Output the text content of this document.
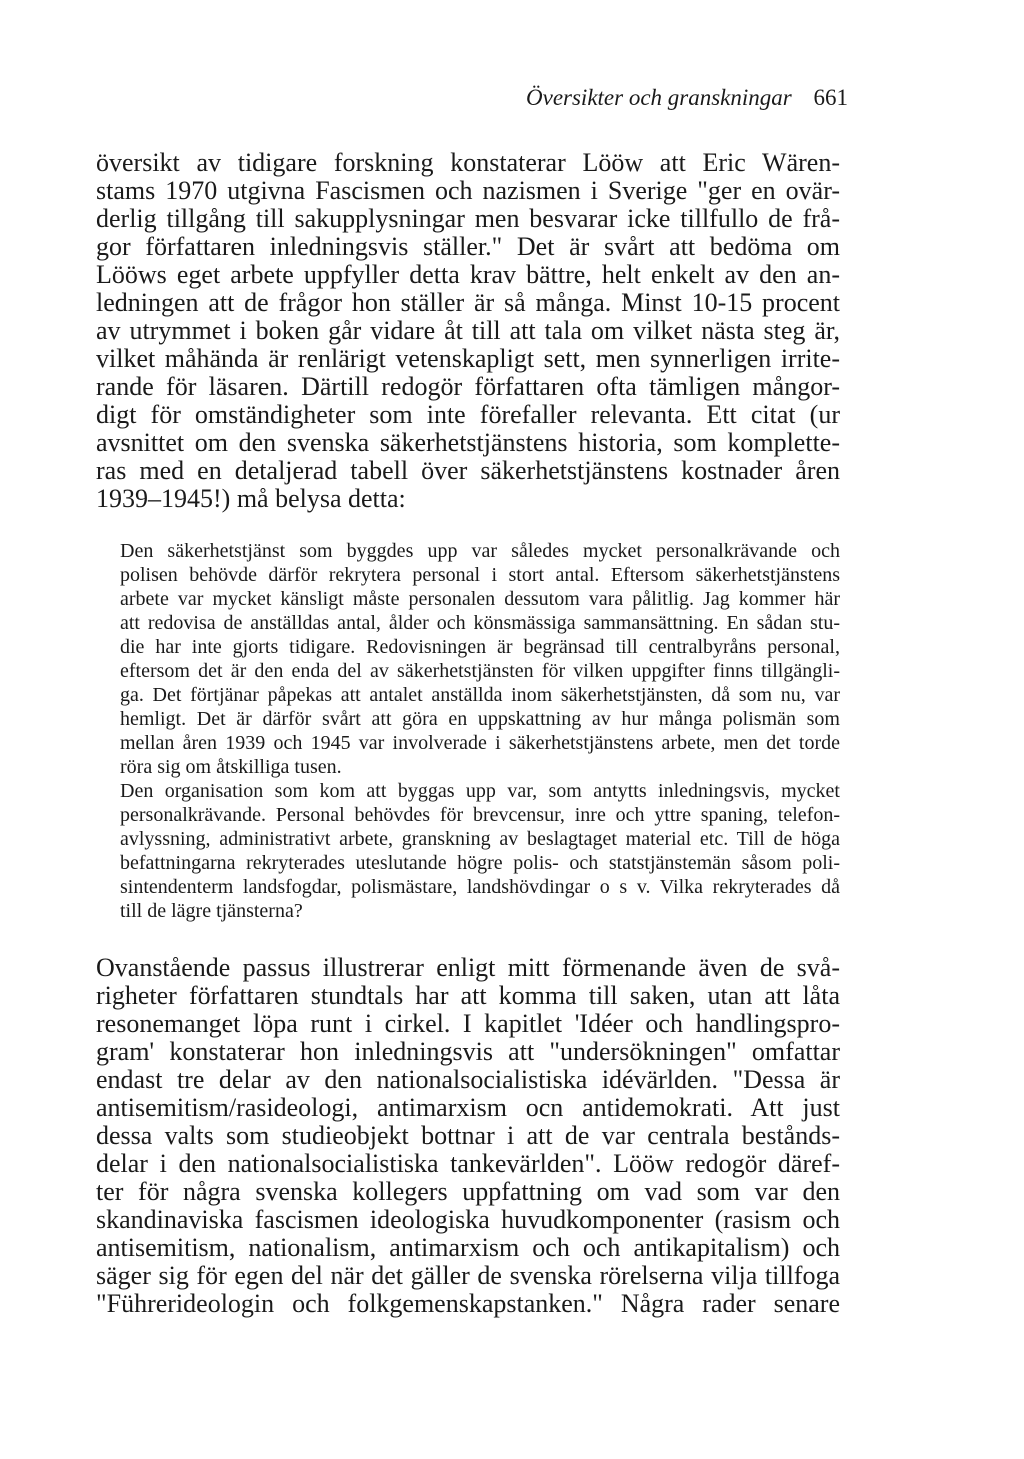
Översikter och granskningar 661
översikt av tidigare forskning konstaterar Lööw att Eric Wären-
stams 1970 utgivna Fascismen och nazismen i Sverige "ger en ovär-
derlig tillgång till sakupplysningar men besvarar icke tillfullo de frå-
gor författaren inledningsvis ställer." Det är svårt att bedöma om
Lööws eget arbete uppfyller detta krav bättre, helt enkelt av den an-
ledningen att de frågor hon ställer är så många. Minst 10-15 procent
av utrymmet i boken går vidare åt till att tala om vilket nästa steg är,
vilket måhända är renlärigt vetenskapligt sett, men synnerligen irrite-
rande för läsaren. Därtill redogör författaren ofta tämligen mångor-
digt för omständigheter som inte förefaller relevanta. Ett citat (ur
avsnittet om den svenska säkerhetstjänstens historia, som komplette-
ras med en detaljerad tabell över säkerhetstjänstens kostnader åren
1939–1945!) må belysa detta:
Den säkerhetstjänst som byggdes upp var således mycket personalkrävande och
polisen behövde därför rekrytera personal i stort antal. Eftersom säkerhetstjänstens
arbete var mycket känsligt måste personalen dessutom vara pålitlig. Jag kommer här
att redovisa de anställdas antal, ålder och könsmässiga sammansättning. En sådan stu-
die har inte gjorts tidigare. Redovisningen är begränsad till centralbyråns personal,
eftersom det är den enda del av säkerhetstjänsten för vilken uppgifter finns tillgängli-
ga. Det förtjänar påpekas att antalet anställda inom säkerhetstjänsten, då som nu, var
hemligt. Det är därför svårt att göra en uppskattning av hur många polismän som
mellan åren 1939 och 1945 var involverade i säkerhetstjänstens arbete, men det torde
röra sig om åtskilliga tusen.
Den organisation som kom att byggas upp var, som antytts inledningsvis, mycket
personalkrävande. Personal behövdes för brevcensur, inre och yttre spaning, telefon-
avlyssning, administrativt arbete, granskning av beslagtaget material etc. Till de höga
befattningarna rekryterades uteslutande högre polis- och statstjänstemän såsom poli-
sintendenterm landsfogdar, polismästare, landshövdingar o s v. Vilka rekryterades då
till de lägre tjänsterna?
Ovanstående passus illustrerar enligt mitt förmenande även de svå-
righeter författaren stundtals har att komma till saken, utan att låta
resonemanget löpa runt i cirkel. I kapitlet 'Idéer och handlingspro-
gram' konstaterar hon inledningsvis att "undersökningen" omfattar
endast tre delar av den nationalsocialistiska idévärlden. "Dessa är
antisemitism/rasideologi, antimarxism ocn antidemokrati. Att just
dessa valts som studieobjekt bottnar i att de var centrala bestånds-
delar i den nationalsocialistiska tankevärlden". Lööw redogör däref-
ter för några svenska kollegers uppfattning om vad som var den
skandinaviska fascismen ideologiska huvudkomponenter (rasism och
antisemitism, nationalism, antimarxism och och antikapitalism) och
säger sig för egen del när det gäller de svenska rörelserna vilja tillfoga
"Führerideologin och folkgemenskapstanken." Några rader senare
